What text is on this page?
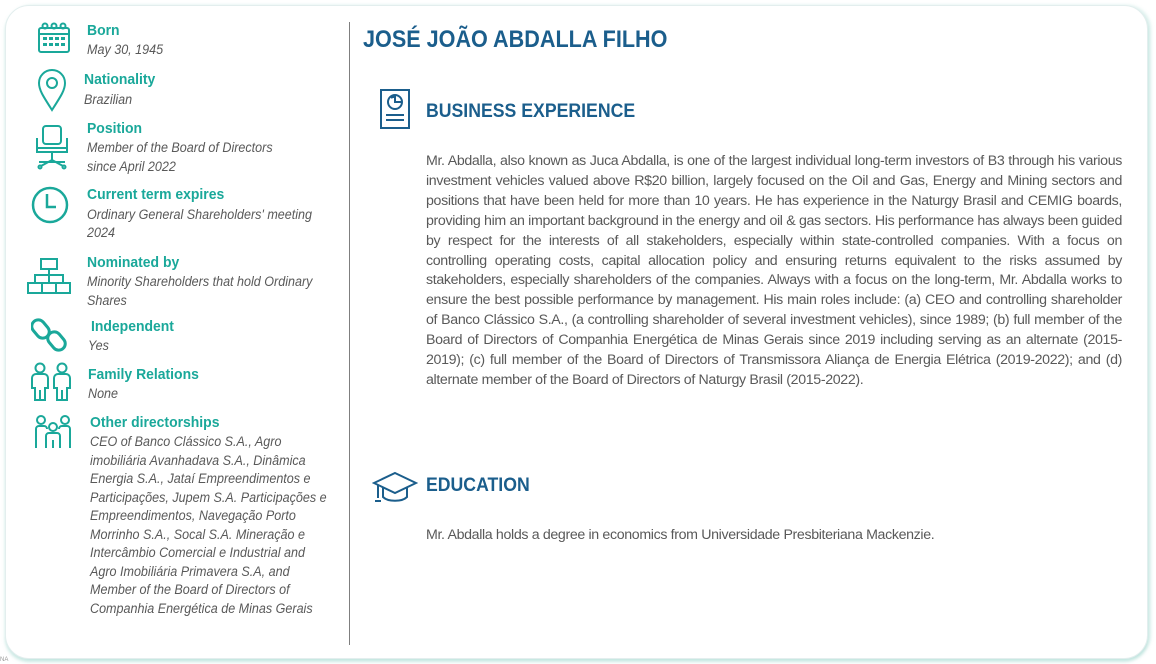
Born
May 30, 1945
Nationality
Brazilian
Position
Member of the Board of Directors
since April 2022
Current term expires
Ordinary General Shareholders' meeting
2024
Nominated by
Minority Shareholders that hold Ordinary
Shares
Independent
Yes
Family Relations
None
Other directorships
CEO of Banco Clássico S.A., Agro
imobiliária Avanhadava S.A., Dinâmica
Energia S.A., Jataí Empreendimentos e
Participações, Jupem S.A. Participações e
Empreendimentos, Navegação Porto
Morrinho S.A., Socal S.A. Mineração e
Intercâmbio Comercial e Industrial and
Agro Imobiliária Primavera S.A, and
Member of the Board of Directors of
Companhia Energética de Minas Gerais
JOSÉ JOÃO ABDALLA FILHO
BUSINESS EXPERIENCE
Mr. Abdalla, also known as Juca Abdalla, is one of the largest individual long-term investors of B3 through his various investment vehicles valued above R$20 billion, largely focused on the Oil and Gas, Energy and Mining sectors and positions that have been held for more than 10 years. He has experience in the Naturgy Brasil and CEMIG boards, providing him an important background in the energy and oil & gas sectors. His performance has always been guided by respect for the interests of all stakeholders, especially within state-controlled companies. With a focus on controlling operating costs, capital allocation policy and ensuring returns equivalent to the risks assumed by stakeholders, especially shareholders of the companies. Always with a focus on the long-term, Mr. Abdalla works to ensure the best possible performance by management. His main roles include: (a) CEO and controlling shareholder of Banco Clássico S.A., (a controlling shareholder of several investment vehicles), since 1989; (b) full member of the Board of Directors of Companhia Energética de Minas Gerais since 2019 including serving as an alternate (2015-2019); (c) full member of the Board of Directors of Transmissora Aliança de Energia Elétrica (2019-2022); and (d) alternate member of the Board of Directors of Naturgy Brasil (2015-2022).
EDUCATION
Mr. Abdalla holds a degree in economics from Universidade Presbiteriana Mackenzie.
NA
